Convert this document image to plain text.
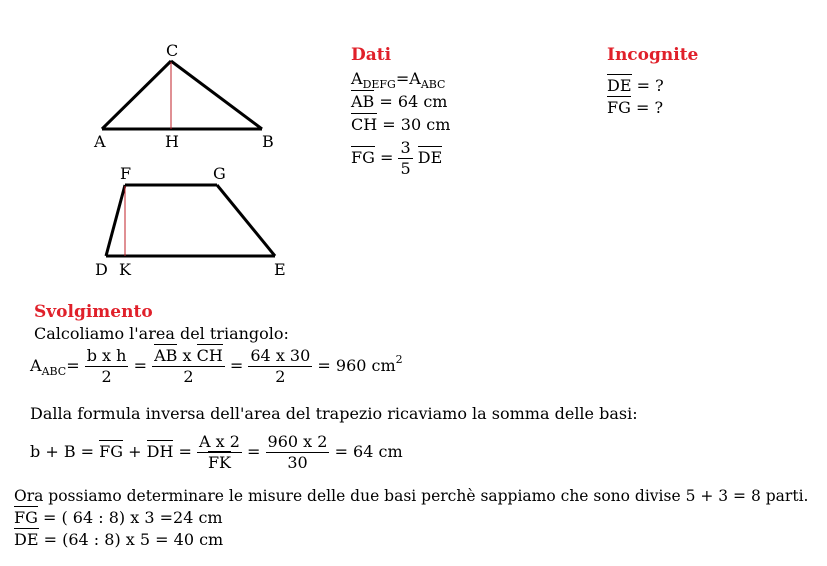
C
A	H	B
F	G
D K	E
Dati
$A_{DEFG}=A_{ABC}$
AB = 64 cm
CH = 30 cm
FG = $\frac{3}{5}$ DE
Incognite
DE = ?
FG = ?
Svolgimento
Calcoliamo l'area del triangolo:
$A_{ABC}= \frac{\text{b x h}}{2} = \frac{\text{AB x CH}}{2} = \frac{64 x 30}{2} = 960$ $cm^2$
Dalla formula inversa dell'area del trapezio ricaviamo la somma delle basi:
b + B = FG + DH = $\frac{\text{A x 2}}{FK} = \frac{960 x 2}{30} = 64$ cm
Ora possiamo determinare le misure delle due basi perchè sappiamo che sono divise 5 + 3 = 8 parti.
FG = ( 64 : 8) x 3 =24 cm
DE = (64 : 8) x 5 = 40 cm
